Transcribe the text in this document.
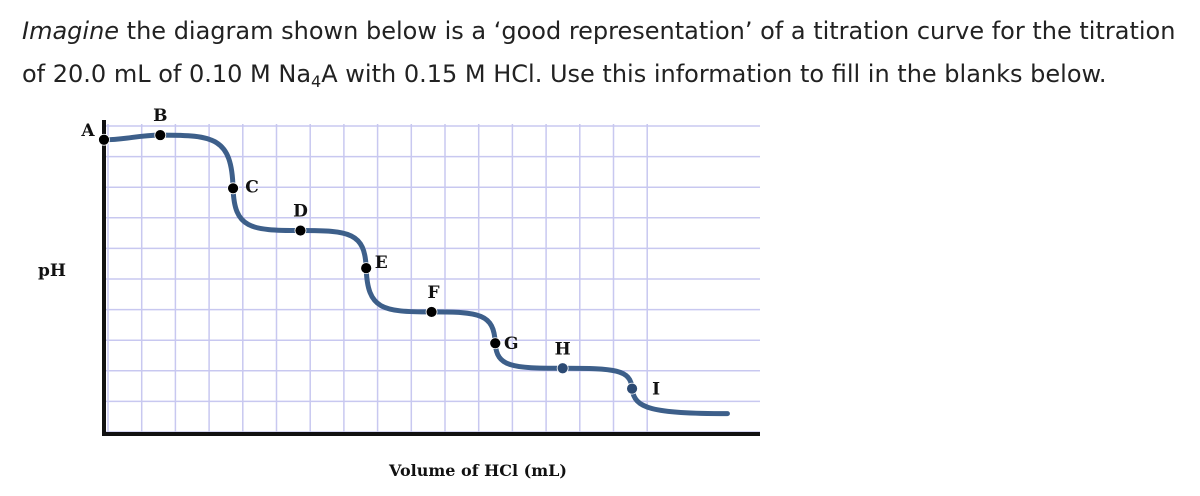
Imagine the diagram shown below is a ‘good representation’ of a titration curve for the titration of 20.0 mL of 0.10 M $Na_4A$ with 0.15 M HCl. Use this information to fill in the blanks below.
A
B
C
D
E
F
G H
I
pH
Volume of HCl (mL)
